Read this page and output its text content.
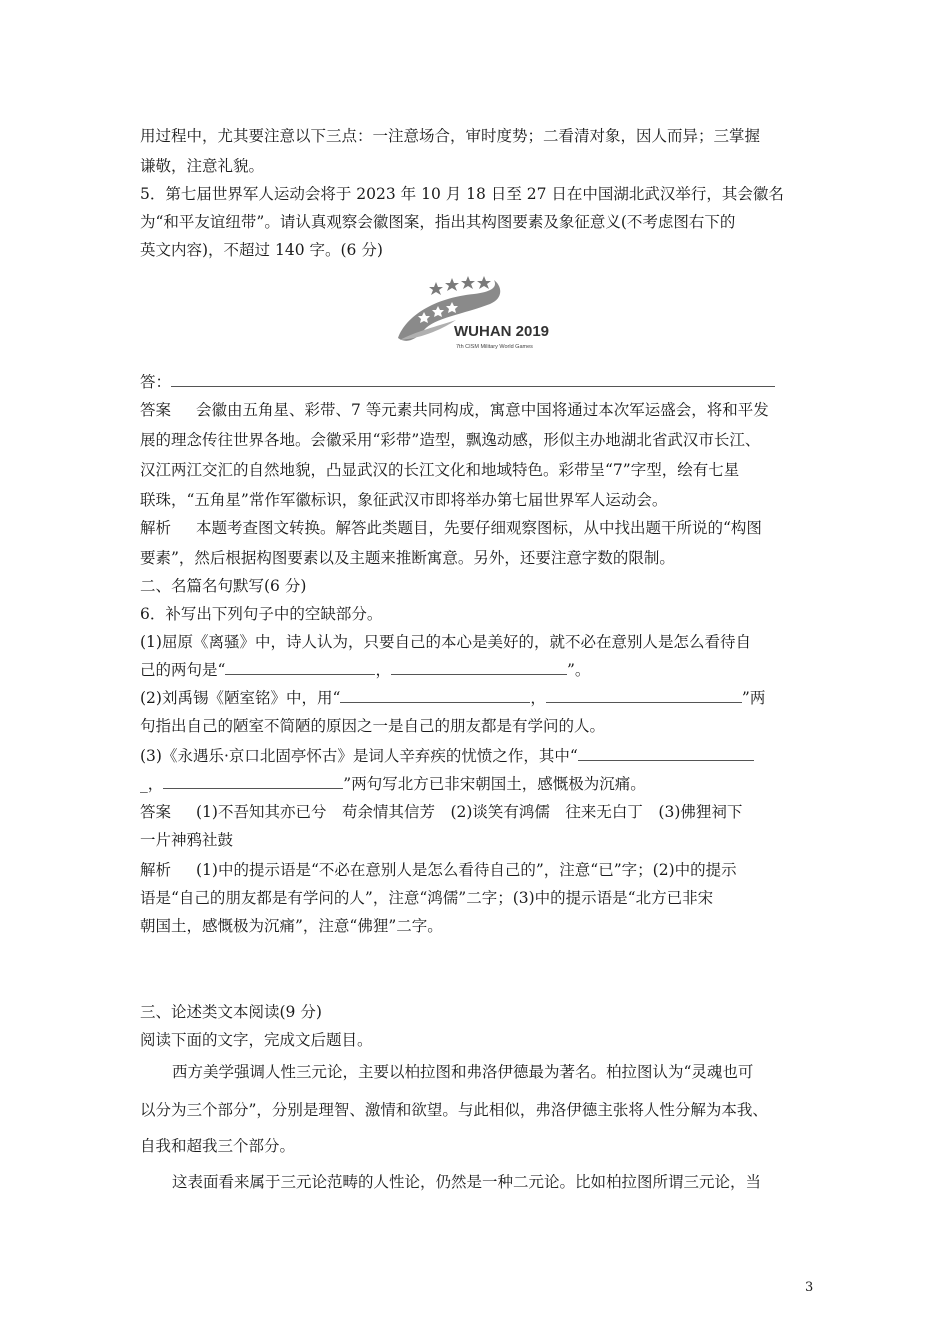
用过程中，尤其要注意以下三点：一注意场合，审时度势；二看清对象，因人而异；三掌握
谦敬，注意礼貌。
5．第七届世界军人运动会将于 2023 年 10 月 18 日至 27 日在中国湖北武汉举行，其会徽名
为“和平友谊纽带”。请认真观察会徽图案，指出其构图要素及象征意义(不考虑图右下的
英文内容)，不超过 140 字。(6 分)
WUHAN 2019
7th CISM Military World Games
答：
答案 会徽由五角星、彩带、7 等元素共同构成，寓意中国将通过本次军运盛会，将和平发
展的理念传往世界各地。会徽采用“彩带”造型，飘逸动感，形似主办地湖北省武汉市长江、
汉江两江交汇的自然地貌，凸显武汉的长江文化和地域特色。彩带呈“7”字型，绘有七星
联珠，“五角星”常作军徽标识，象征武汉市即将举办第七届世界军人运动会。
解析 本题考查图文转换。解答此类题目，先要仔细观察图标，从中找出题干所说的“构图
要素”，然后根据构图要素以及主题来推断寓意。另外，还要注意字数的限制。
二、名篇名句默写(6 分)
6．补写出下列句子中的空缺部分。
(1)屈原《离骚》中，诗人认为，只要自己的本心是美好的，就不必在意别人是怎么看待自
己的两句是“	，	”。
(2)刘禹锡《陋室铭》中，用“	，	”两
句指出自己的陋室不简陋的原因之一是自己的朋友都是有学问的人。
(3)《永遇乐·京口北固亭怀古》是词人辛弃疾的忧愤之作，其中“
_，	”两句写北方已非宋朝国土，感慨极为沉痛。
答案 (1)不吾知其亦已兮　苟余情其信芳　(2)谈笑有鸿儒　往来无白丁　(3)佛狸祠下
一片神鸦社鼓
解析 (1)中的提示语是“不必在意别人是怎么看待自己的”，注意“已”字；(2)中的提示
语是“自己的朋友都是有学问的人”，注意“鸿儒”二字；(3)中的提示语是“北方已非宋
朝国土，感慨极为沉痛”，注意“佛狸”二字。
三、论述类文本阅读(9 分)
阅读下面的文字，完成文后题目。
西方美学强调人性三元论，主要以柏拉图和弗洛伊德最为著名。柏拉图认为“灵魂也可
以分为三个部分”，分别是理智、激情和欲望。与此相似，弗洛伊德主张将人性分解为本我、
自我和超我三个部分。
这表面看来属于三元论范畴的人性论，仍然是一种二元论。比如柏拉图所谓三元论，当
3
